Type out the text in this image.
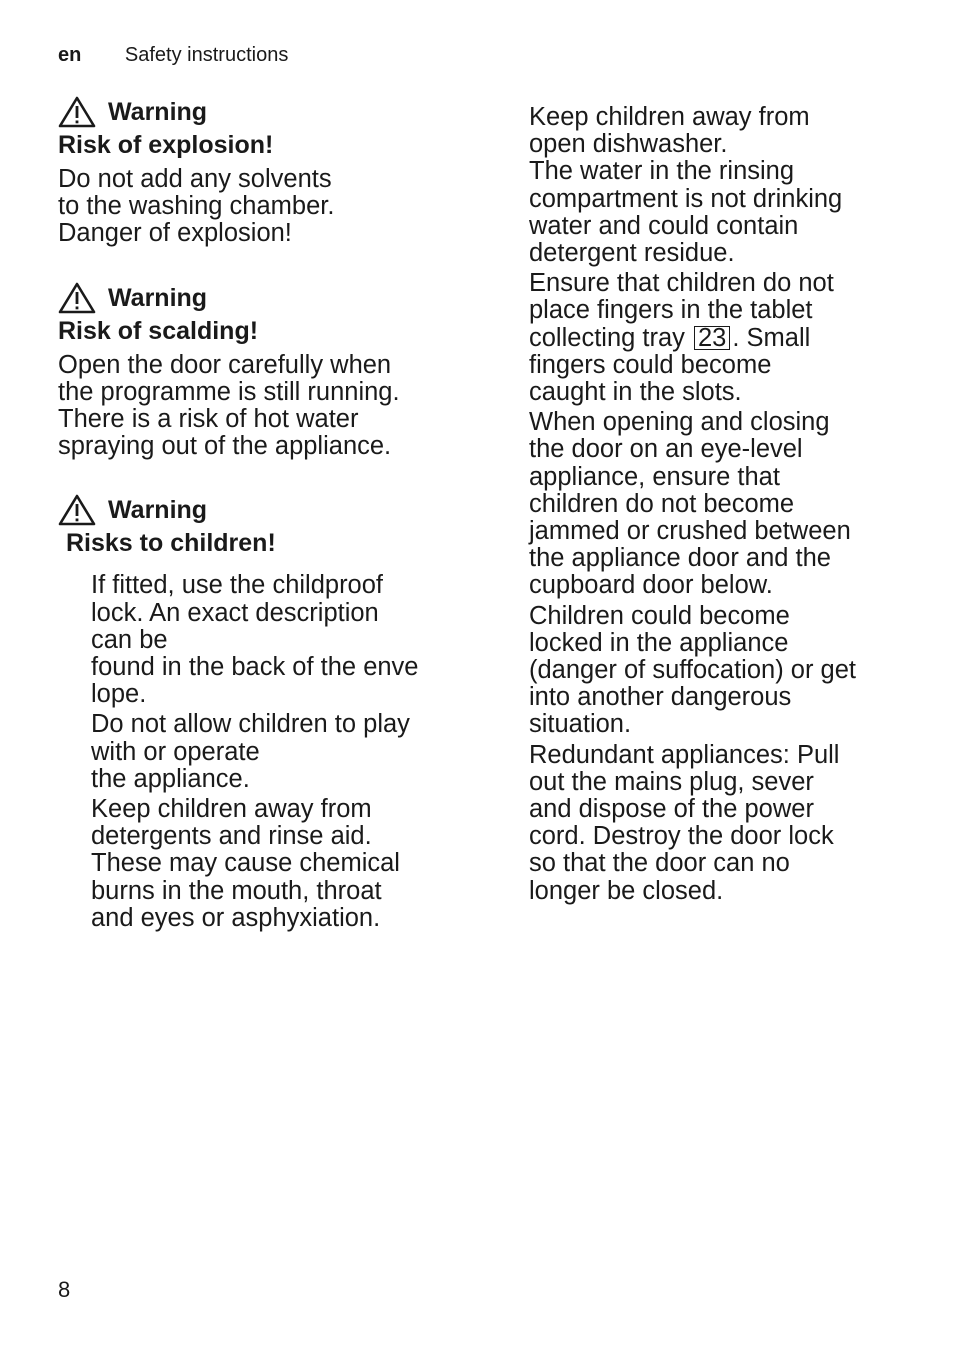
en Safety instructions
Warning
Risk of explosion!
Do not add any solvents
to the washing chamber.
Danger of explosion!
Warning
Risk of scalding!
Open the door carefully when
the programme is still running.
There is a risk of hot water
spraying out of the appliance.
Warning
Risks to children!
If fitted, use the childproof
lock. An exact description
can be
found in the back of the enve
lope.
Do not allow children to play
with or operate
the appliance.
Keep children away from
detergents and rinse aid.
These may cause chemical
burns in the mouth, throat
and eyes or asphyxiation.
Keep children away from
open dishwasher.
The water in the rinsing
compartment is not drinking
water and could contain
detergent residue.
Ensure that children do not
place fingers in the tablet
collecting tray 23 . Small
fingers could become
caught in the slots.
When opening and closing
the door on an eye-level
appliance, ensure that
children do not become
jammed or crushed between
the appliance door and the
cupboard door below.
Children could become
locked in the appliance
(danger of suffocation) or get
into another dangerous
situation.
Redundant appliances: Pull
out the mains plug, sever
and dispose of the power
cord. Destroy the door lock
so that the door can no
longer be closed.
8
